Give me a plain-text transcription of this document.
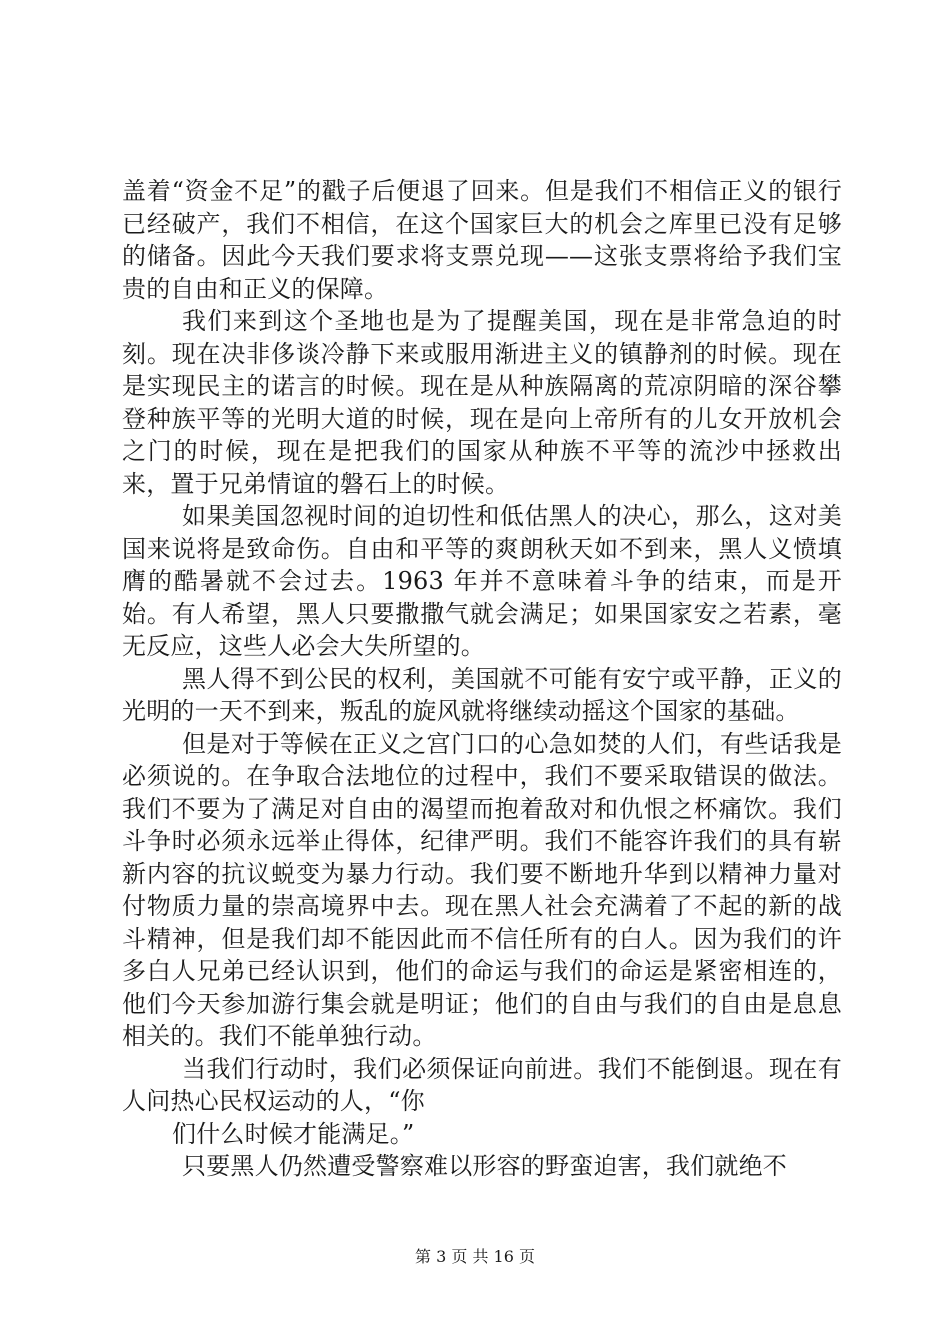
盖着“资金不足”的戳子后便退了回来。但是我们不相信正义的银行已经破产，我们不相信，在这个国家巨大的机会之库里已没有足够的储备。因此今天我们要求将支票兑现——这张支票将给予我们宝贵的自由和正义的保障。

我们来到这个圣地也是为了提醒美国，现在是非常急迫的时刻。现在决非侈谈冷静下来或服用渐进主义的镇静剂的时候。现在是实现民主的诺言的时候。现在是从种族隔离的荒凉阴暗的深谷攀登种族平等的光明大道的时候，现在是向上帝所有的儿女开放机会之门的时候，现在是把我们的国家从种族不平等的流沙中拯救出来，置于兄弟情谊的磐石上的时候。

如果美国忽视时间的迫切性和低估黑人的决心，那么，这对美国来说将是致命伤。自由和平等的爽朗秋天如不到来，黑人义愤填膺的酷暑就不会过去。1963 年并不意味着斗争的结束，而是开始。有人希望，黑人只要撒撒气就会满足；如果国家安之若素，毫无反应，这些人必会大失所望的。

黑人得不到公民的权利，美国就不可能有安宁或平静，正义的光明的一天不到来，叛乱的旋风就将继续动摇这个国家的基础。

但是对于等候在正义之宫门口的心急如焚的人们，有些话我是必须说的。在争取合法地位的过程中，我们不要采取错误的做法。我们不要为了满足对自由的渴望而抱着敌对和仇恨之杯痛饮。我们斗争时必须永远举止得体，纪律严明。我们不能容许我们的具有崭新内容的抗议蜕变为暴力行动。我们要不断地升华到以精神力量对付物质力量的崇高境界中去。现在黑人社会充满着了不起的新的战斗精神，但是我们却不能因此而不信任所有的白人。因为我们的许多白人兄弟已经认识到，他们的命运与我们的命运是紧密相连的，他们今天参加游行集会就是明证；他们的自由与我们的自由是息息相关的。我们不能单独行动。

当我们行动时，我们必须保证向前进。我们不能倒退。现在有人问热心民权运动的人，“你

们什么时候才能满足。”

只要黑人仍然遭受警察难以形容的野蛮迫害，我们就绝不

第 3 页 共 16 页
